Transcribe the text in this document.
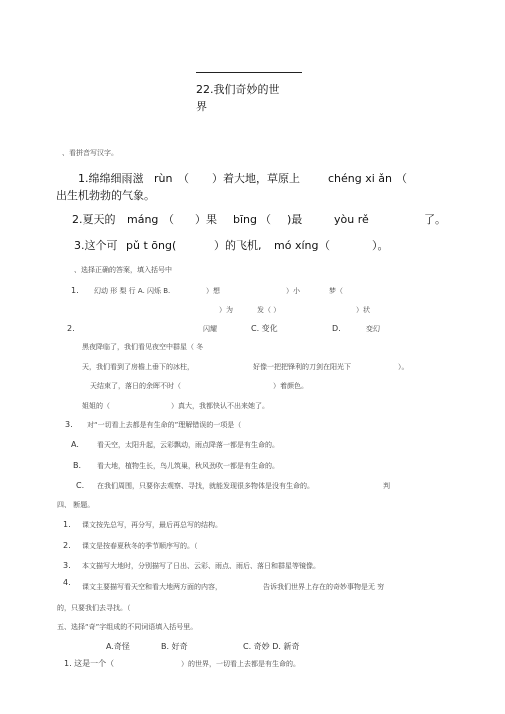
22.我们奇妙的世
界
、看拼音写汉字。
1.绵绵细雨滋 rùn （ ）着大地，草原上	chéng xi ǎn （
出生机勃勃的气象。
2.夏天的 máng （ ）果 bīng （ )最	yòu rě	了。
3.这个可 pǔ t ōng(	）的飞机, mó xíng （	）。
、选择正确的答案，填入括号中
1. 幻动 形 梨 行 A. 闪烁 B.	）想	）小	梦（
）为	发（ ）	）状
2.	闪耀	C. 变化	D.	变幻
黑夜降临了，我们看见夜空中群星（ 冬
天，我们看到了房檐上垂下的冰柱，	好像一把把锋利的刀剑在阳光下	）。
天结束了，落日的余晖不时（	）着颜色。
姐姐的（	）真大，我都快认不出来她了。
3. 对“一切看上去都是有生命的”理解错误的一项是（
A.	看天空，太阳升起，云彩飘动，雨点降落一都是有生命的。
B. 看大地，植物生长，鸟儿筑巢，秋风劲吹一都是有生命的。
C. 在我们周围，只要你去观察、寻找，就能发现很多物体是没有生命的。	判
四、 断题。
1. 课文按先总写，再分写，最后再总写的结构。
2. 课文是按春夏秋冬的季节顺序写的。（
3. 本文描写大地时，分别描写了日出、云彩、雨点、雨后、落日和群星等镜像。
4. 课文主要描写看天空和看大地两方面的内容，	告诉我们世界上存在的奇妙事物是无 穷
的，只要我们去寻找。（
五、选择“奇”字组成的不同词语填入括号里。
A.奇怪	B. 好奇	C. 奇妙 D. 新奇
1. 这是一个（	）的世界，一切看上去都是有生命的。
